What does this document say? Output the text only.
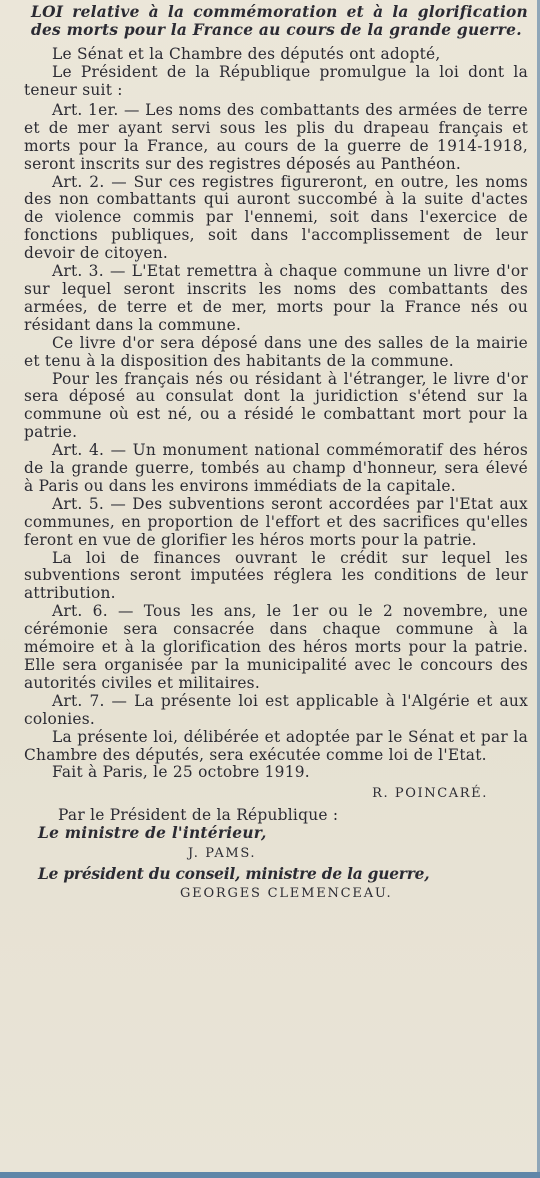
LOI relative à la commémoration et à la glorification des morts pour la France au cours de la grande guerre.

Le Sénat et la Chambre des députés ont adopté,

Le Président de la République promulgue la loi dont la teneur suit :

Art. 1er. — Les noms des combattants des armées de terre et de mer ayant servi sous les plis du drapeau français et morts pour la France, au cours de la guerre de 1914-1918, seront inscrits sur des registres déposés au Panthéon.

Art. 2. — Sur ces registres figureront, en outre, les noms des non combattants qui auront succombé à la suite d'actes de violence commis par l'ennemi, soit dans l'exercice de fonctions publiques, soit dans l'accomplissement de leur devoir de citoyen.

Art. 3. — L'Etat remettra à chaque commune un livre d'or sur lequel seront inscrits les noms des combattants des armées, de terre et de mer, morts pour la France nés ou résidant dans la commune.

Ce livre d'or sera déposé dans une des salles de la mairie et tenu à la disposition des habitants de la commune.

Pour les français nés ou résidant à l'étranger, le livre d'or sera déposé au consulat dont la juridiction s'étend sur la commune où est né, ou a résidé le combattant mort pour la patrie.

Art. 4. — Un monument national commémoratif des héros de la grande guerre, tombés au champ d'honneur, sera élevé à Paris ou dans les environs immédiats de la capitale.

Art. 5. — Des subventions seront accordées par l'Etat aux communes, en proportion de l'effort et des sacrifices qu'elles feront en vue de glorifier les héros morts pour la patrie.

La loi de finances ouvrant le crédit sur lequel les subventions seront imputées réglera les conditions de leur attribution.

Art. 6. — Tous les ans, le 1er ou le 2 novembre, une cérémonie sera consacrée dans chaque commune à la mémoire et à la glorification des héros morts pour la patrie. Elle sera organisée par la municipalité avec le concours des autorités civiles et militaires.

Art. 7. — La présente loi est applicable à l'Algérie et aux colonies.

La présente loi, délibérée et adoptée par le Sénat et par la Chambre des députés, sera exécutée comme loi de l'Etat.

Fait à Paris, le 25 octobre 1919.

R. POINCARÉ.
Par le Président de la République :
Le ministre de l'intérieur,
J. PAMS.
Le président du conseil, ministre de la guerre,
GEORGES CLEMENCEAU.
